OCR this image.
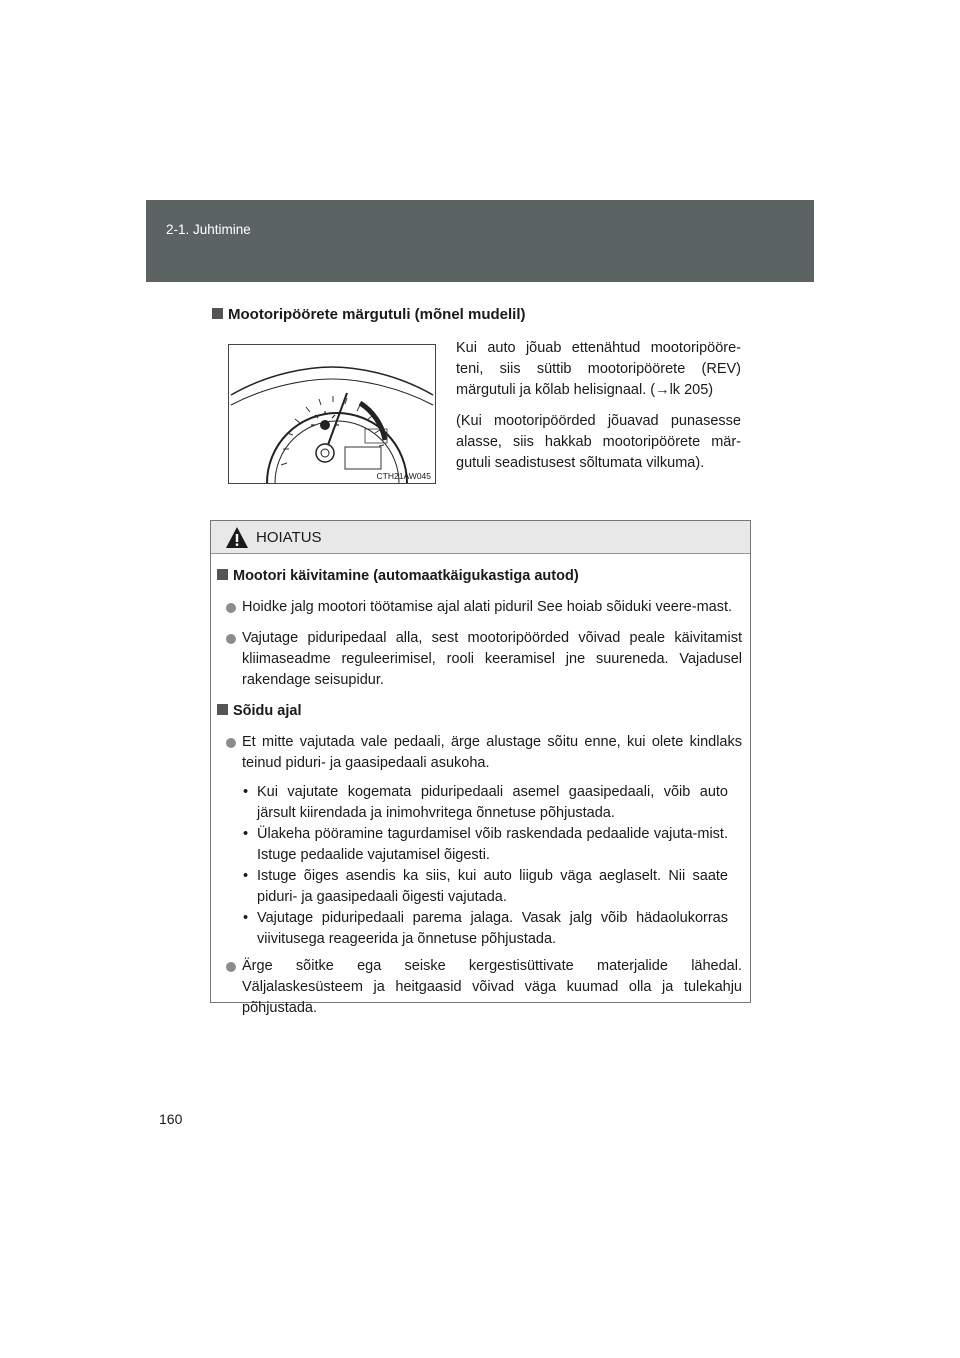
2-1. Juhtimine
Mootoripöörete märgutuli (mõnel mudelil)
CTH21AW045

Kui auto jõuab ettenähtud mootoripööre-teni, siis süttib mootoripöörete (REV) märgutuli ja kõlab helisignaal. (→lk 205)

(Kui mootoripöörded jõuavad punasesse alasse, siis hakkab mootoripöörete mär-gutuli seadistusest sõltumata vilkuma).

HOIATUS
Mootori käivitamine (automaatkäigukastiga autod)
Hoidke jalg mootori töötamise ajal alati piduril See hoiab sõiduki veere-mast.
Vajutage piduripedaal alla, sest mootoripöörded võivad peale käivitamist kliimaseadme reguleerimisel, rooli keeramisel jne suureneda. Vajadusel rakendage seisupidur.
Sõidu ajal
Et mitte vajutada vale pedaali, ärge alustage sõitu enne, kui olete kindlaks teinud piduri- ja gaasipedaali asukoha.
• Kui vajutate kogemata piduripedaali asemel gaasipedaali, võib auto järsult kiirendada ja inimohvritega õnnetuse põhjustada.
• Ülakeha pööramine tagurdamisel võib raskendada pedaalide vajuta-mist. Istuge pedaalide vajutamisel õigesti.
• Istuge õiges asendis ka siis, kui auto liigub väga aeglaselt. Nii saate piduri- ja gaasipedaali õigesti vajutada.
• Vajutage piduripedaali parema jalaga. Vasak jalg võib hädaolukorras viivitusega reageerida ja õnnetuse põhjustada.
Ärge sõitke ega seiske kergestisüttivate materjalide lähedal. Väljalaskesüsteem ja heitgaasid võivad väga kuumad olla ja tulekahju põhjustada.
160
